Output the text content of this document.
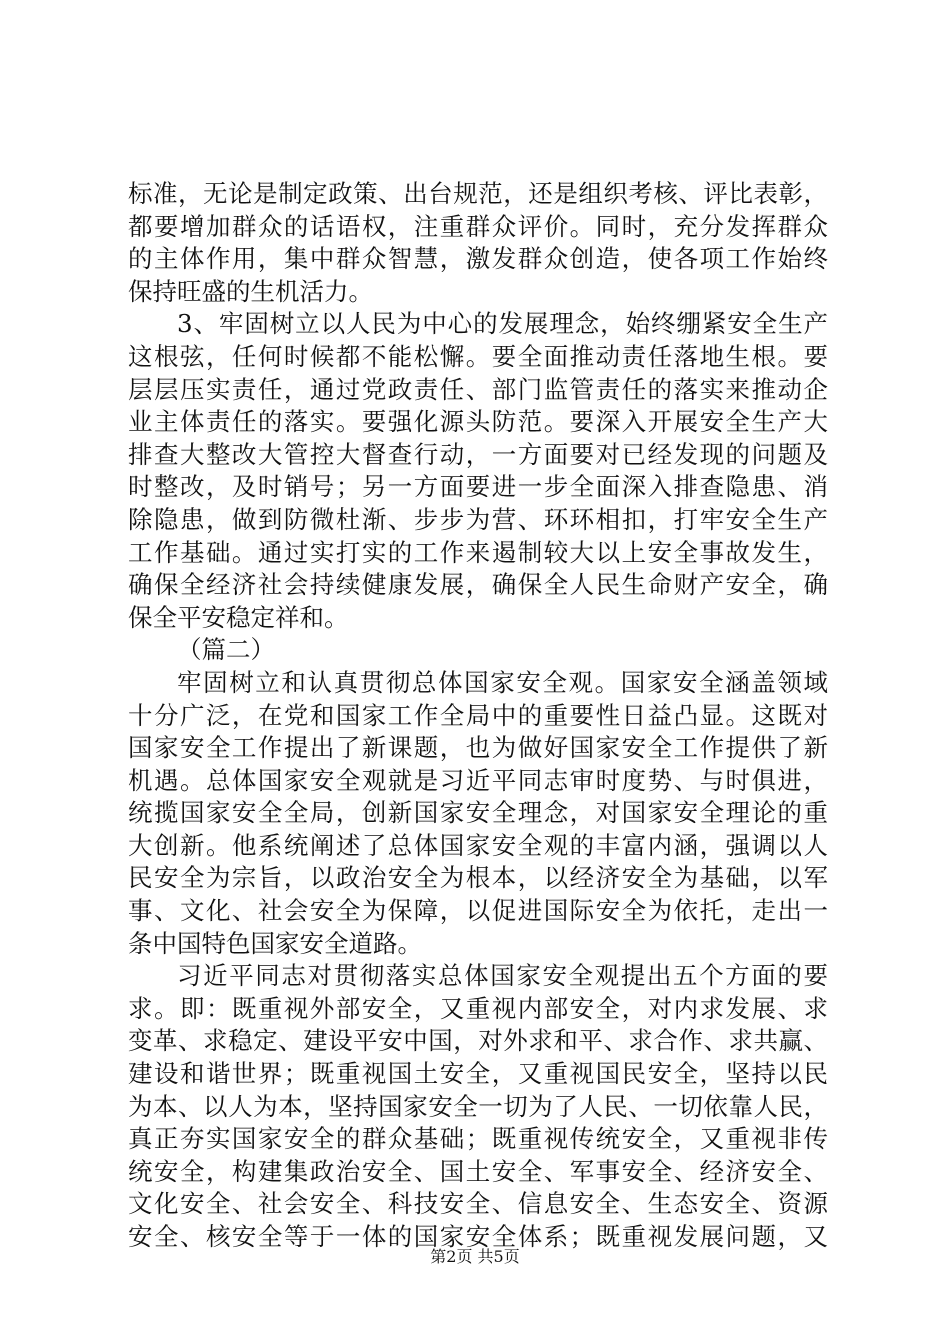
标准，无论是制定政策、出台规范，还是组织考核、评比表彰，
都要增加群众的话语权，注重群众评价。同时，充分发挥群众
的主体作用，集中群众智慧，激发群众创造，使各项工作始终
保持旺盛的生机活力。
3、牢固树立以人民为中心的发展理念，始终绷紧安全生产
这根弦，任何时候都不能松懈。要全面推动责任落地生根。要
层层压实责任，通过党政责任、部门监管责任的落实来推动企
业主体责任的落实。要强化源头防范。要深入开展安全生产大
排查大整改大管控大督查行动，一方面要对已经发现的问题及
时整改，及时销号；另一方面要进一步全面深入排查隐患、消
除隐患，做到防微杜渐、步步为营、环环相扣，打牢安全生产
工作基础。通过实打实的工作来遏制较大以上安全事故发生，
确保全经济社会持续健康发展，确保全人民生命财产安全，确
保全平安稳定祥和。
（篇二）
牢固树立和认真贯彻总体国家安全观。国家安全涵盖领域
十分广泛，在党和国家工作全局中的重要性日益凸显。这既对
国家安全工作提出了新课题，也为做好国家安全工作提供了新
机遇。总体国家安全观就是习近平同志审时度势、与时俱进，
统揽国家安全全局，创新国家安全理念，对国家安全理论的重
大创新。他系统阐述了总体国家安全观的丰富内涵，强调以人
民安全为宗旨，以政治安全为根本，以经济安全为基础，以军
事、文化、社会安全为保障，以促进国际安全为依托，走出一
条中国特色国家安全道路。
习近平同志对贯彻落实总体国家安全观提出五个方面的要
求。即：既重视外部安全，又重视内部安全，对内求发展、求
变革、求稳定、建设平安中国，对外求和平、求合作、求共赢、
建设和谐世界；既重视国土安全，又重视国民安全，坚持以民
为本、以人为本，坚持国家安全一切为了人民、一切依靠人民，
真正夯实国家安全的群众基础；既重视传统安全，又重视非传
统安全，构建集政治安全、国土安全、军事安全、经济安全、
文化安全、社会安全、科技安全、信息安全、生态安全、资源
安全、核安全等于一体的国家安全体系；既重视发展问题，又
第2页 共5页
